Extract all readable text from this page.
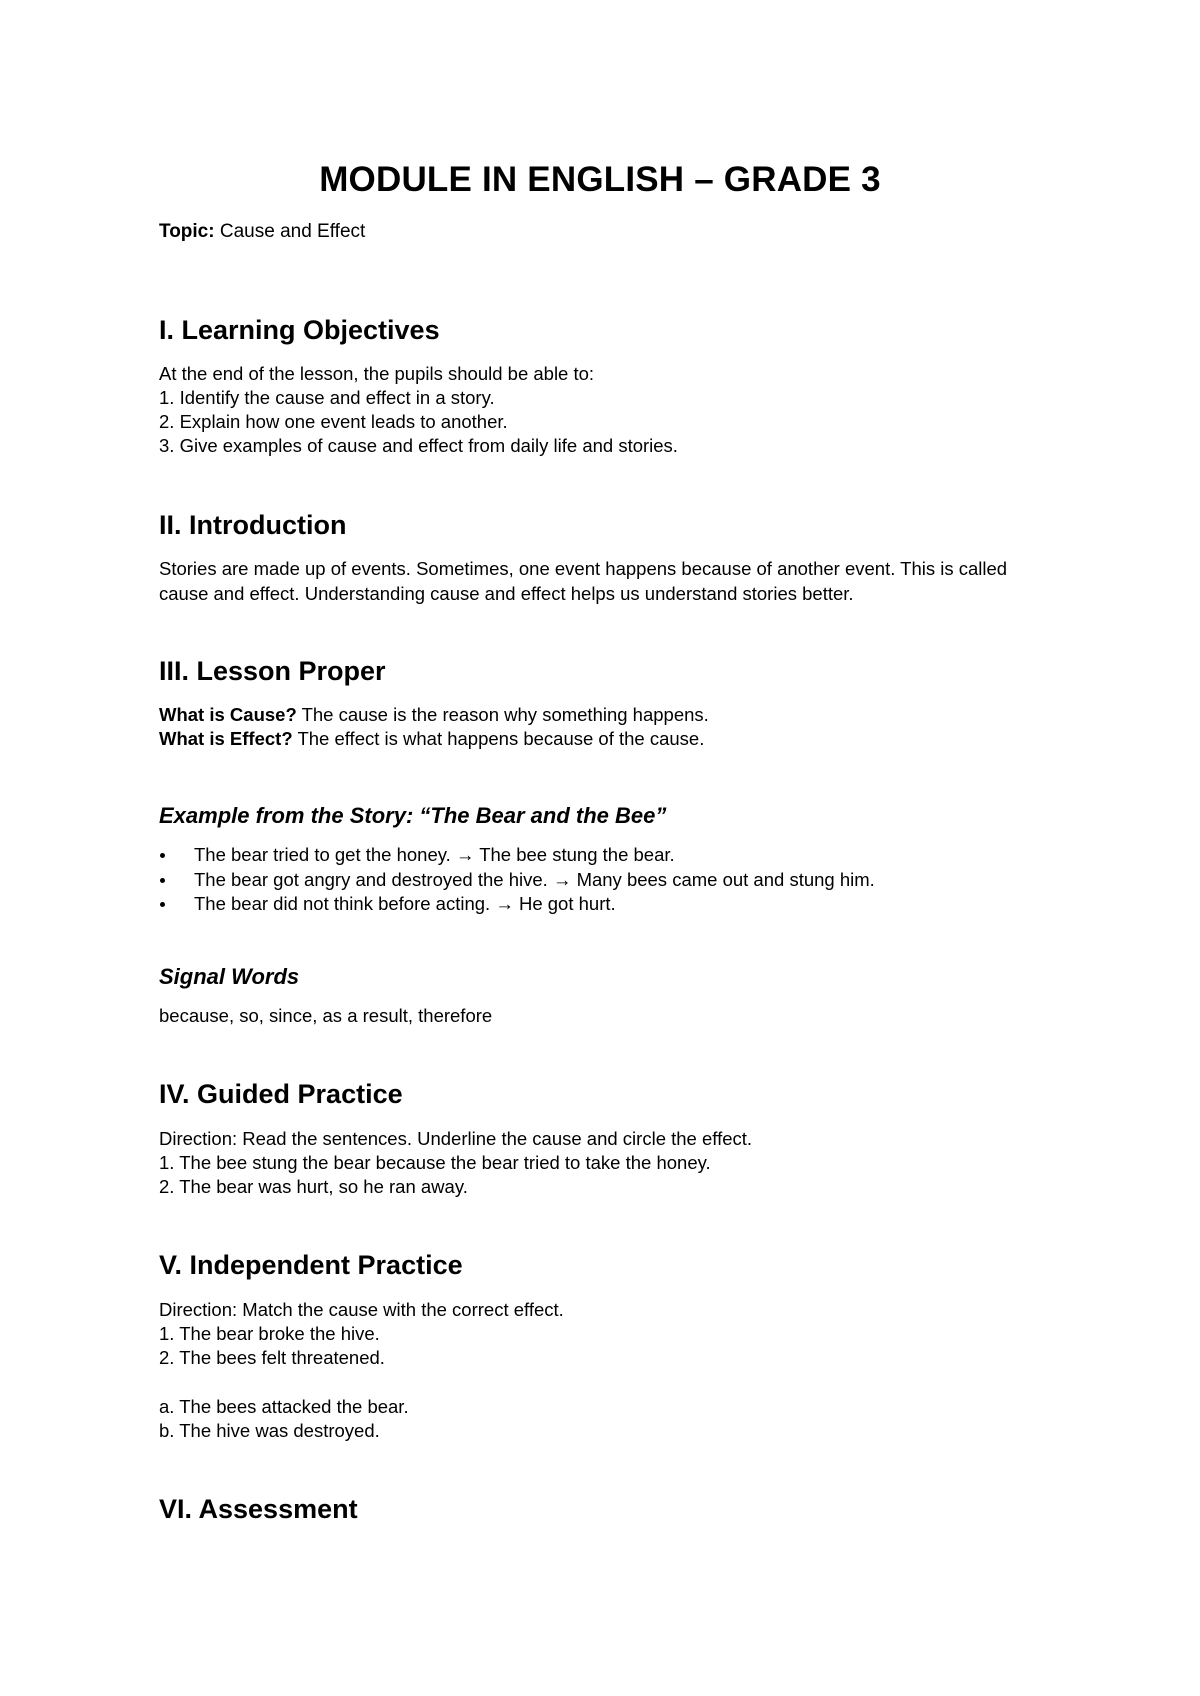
MODULE IN ENGLISH – GRADE 3

Topic: Cause and Effect

I. Learning Objectives

At the end of the lesson, the pupils should be able to:

1. Identify the cause and effect in a story.

2. Explain how one event leads to another.

3. Give examples of cause and effect from daily life and stories.

II. Introduction

Stories are made up of events. Sometimes, one event happens because of another event. This is called cause and effect. Understanding cause and effect helps us understand stories better.

III. Lesson Proper

What is Cause? The cause is the reason why something happens.

What is Effect? The effect is what happens because of the cause.

Example from the Story: “The Bear and the Bee”
The bear tried to get the honey. → The bee stung the bear.
The bear got angry and destroyed the hive. → Many bees came out and stung him.
The bear did not think before acting. → He got hurt.
Signal Words

because, so, since, as a result, therefore

IV. Guided Practice

Direction: Read the sentences. Underline the cause and circle the effect.

1. The bee stung the bear because the bear tried to take the honey.

2. The bear was hurt, so he ran away.

V. Independent Practice

Direction: Match the cause with the correct effect.

1. The bear broke the hive.

2. The bees felt threatened.

a. The bees attacked the bear.

b. The hive was destroyed.

VI. Assessment
